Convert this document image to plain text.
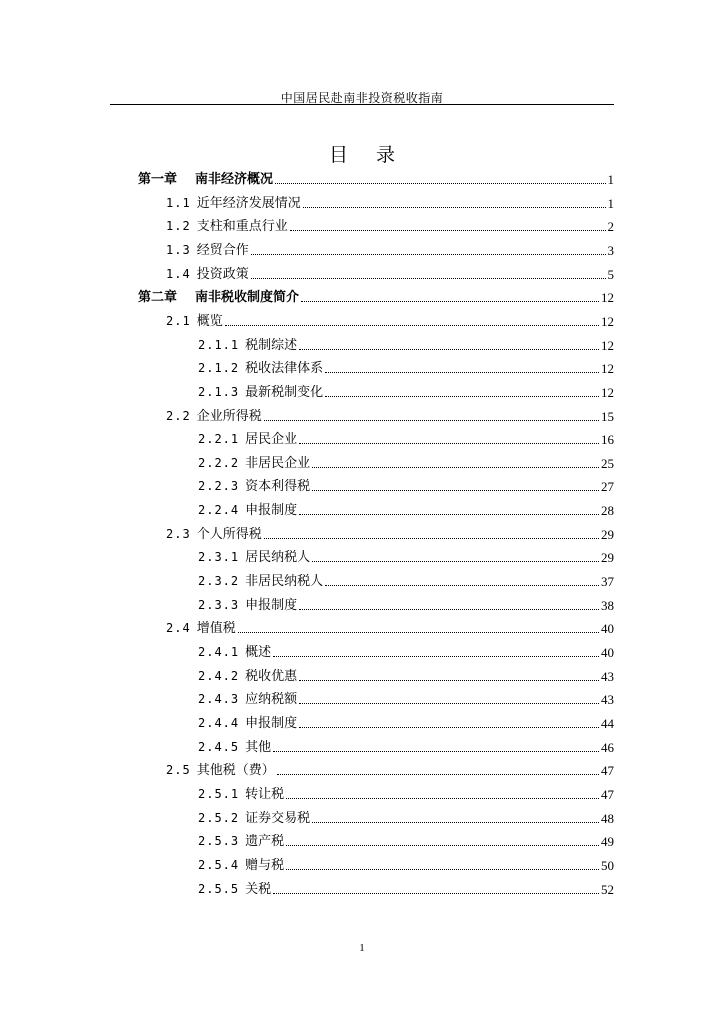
中国居民赴南非投资税收指南
目录
第一章 南非经济概况	1
1.1 近年经济发展情况	1
1.2 支柱和重点行业	2
1.3 经贸合作	3
1.4 投资政策	5
第二章 南非税收制度简介	12
2.1 概览	12
2.1.1 税制综述	12
2.1.2 税收法律体系	12
2.1.3 最新税制变化	12
2.2 企业所得税	15
2.2.1 居民企业	16
2.2.2 非居民企业	25
2.2.3 资本利得税	27
2.2.4 申报制度	28
2.3 个人所得税	29
2.3.1 居民纳税人	29
2.3.2 非居民纳税人	37
2.3.3 申报制度	38
2.4 增值税	40
2.4.1 概述	40
2.4.2 税收优惠	43
2.4.3 应纳税额	43
2.4.4 申报制度	44
2.4.5 其他	46
2.5 其他税（费）	47
2.5.1 转让税	47
2.5.2 证券交易税	48
2.5.3 遗产税	49
2.5.4 赠与税	50
2.5.5 关税	52
1
